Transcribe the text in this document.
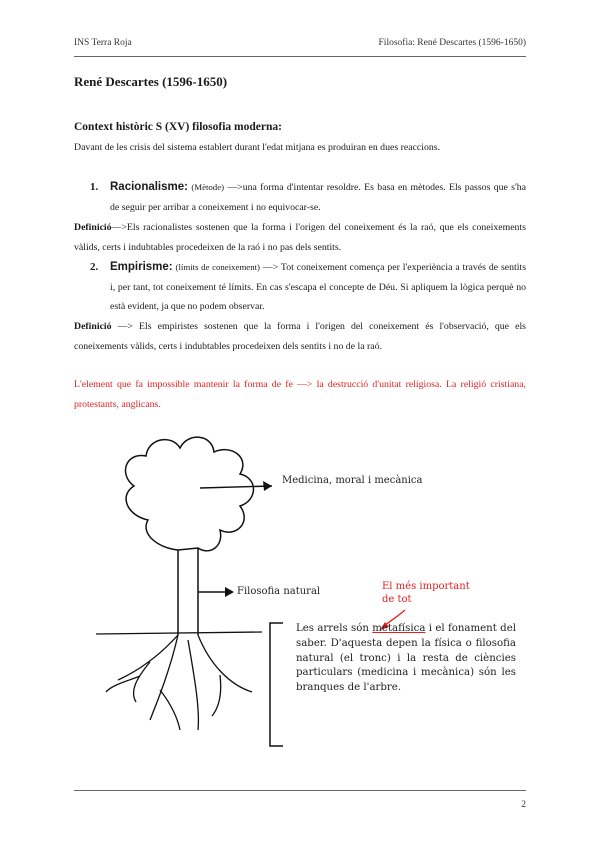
INS Terra Roja	Filosofia: René Descartes (1596-1650)
René Descartes (1596-1650)
Context històric S (XV) filosofia moderna:
Davant de les crisis del sistema establert durant l'edat mitjana es produiran en dues reaccions.
1. Racionalisme: (Mètode) —>una forma d'intentar resoldre. Es basa en mètodes. Els passos que s'ha de seguir per arribar a coneixement i no equivocar-se.
Definició—>Els racionalistes sostenen que la forma i l'origen del coneixement és la raó, que els coneixements vàlids, certs i indubtables procedeixen de la raó i no pas dels sentits.
2. Empirisme: (límits de coneixement) —> Tot coneixement comença per l'experiència a través de sentits i, per tant, tot coneixement té límits. En cas s'escapa el concepte de Déu. Si apliquem la lògica perquè no està evident, ja que no podem observar.
Definició —> Els empiristes sostenen que la forma i l'origen del coneixement és l'observació, que els coneixements vàlids, certs i indubtables procedeixen dels sentits i no de la raó.
L'element que fa impossible mantenir la forma de fe —> la destrucció d'unitat religiosa. La religió cristiana, protestants, anglicans.
Medicina, moral i mecànica
Filosofia natural	El més important de tot
Les arrels són metafísica i el fonament del saber. D'aquesta depen la física o filosofia natural (el tronc) i la resta de ciències particulars (medicina i mecànica) són les branques de l'arbre.
2
